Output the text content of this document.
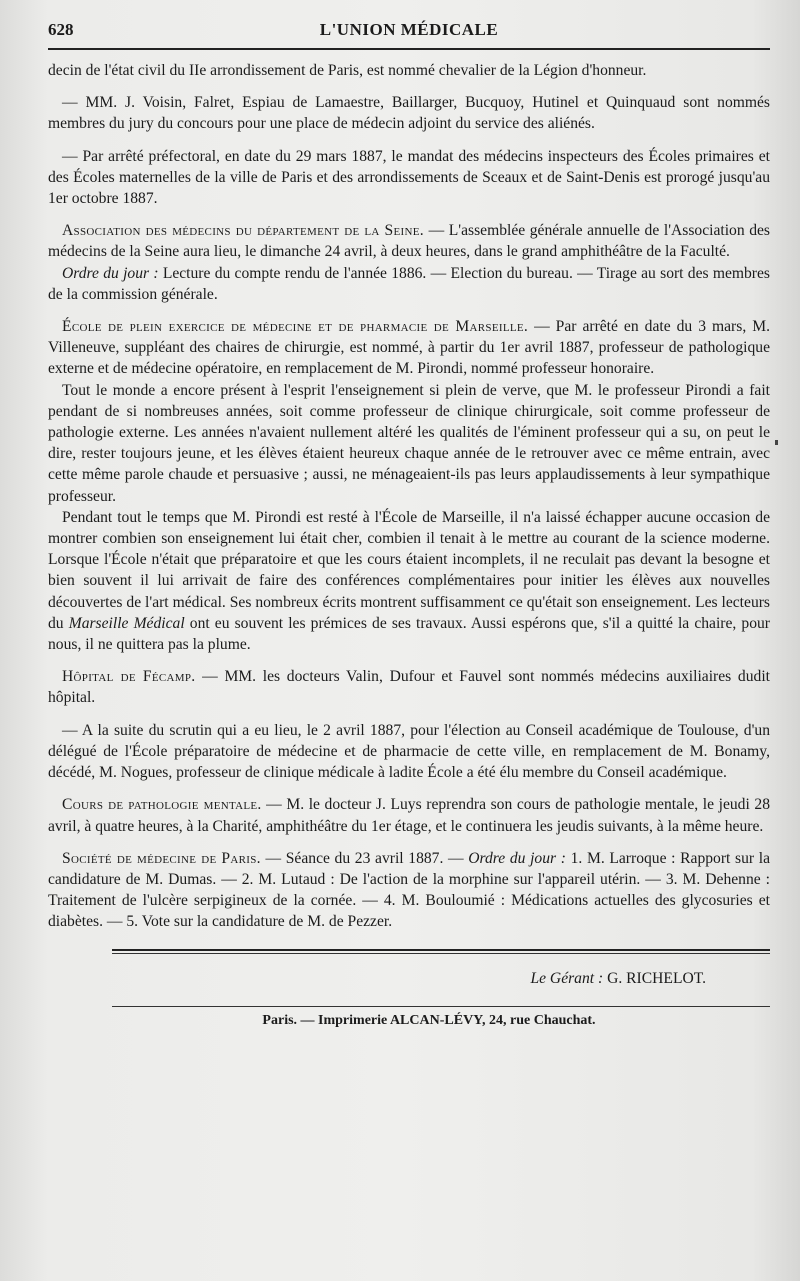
628	L'UNION MÉDICALE

decin de l'état civil du IIe arrondissement de Paris, est nommé chevalier de la Légion d'honneur.

— MM. J. Voisin, Falret, Espiau de Lamaestre, Baillarger, Bucquoy, Hutinel et Quinquaud sont nommés membres du jury du concours pour une place de médecin adjoint du service des aliénés.

— Par arrêté préfectoral, en date du 29 mars 1887, le mandat des médecins inspecteurs des Écoles primaires et des Écoles maternelles de la ville de Paris et des arrondissements de Sceaux et de Saint-Denis est prorogé jusqu'au 1er octobre 1887.

Association des médecins du département de la Seine. — L'assemblée générale annuelle de l'Association des médecins de la Seine aura lieu, le dimanche 24 avril, à deux heures, dans le grand amphithéâtre de la Faculté.

Ordre du jour : Lecture du compte rendu de l'année 1886. — Election du bureau. — Tirage au sort des membres de la commission générale.

École de plein exercice de médecine et de pharmacie de Marseille. — Par arrêté en date du 3 mars, M. Villeneuve, suppléant des chaires de chirurgie, est nommé, à partir du 1er avril 1887, professeur de pathologique externe et de médecine opératoire, en remplacement de M. Pirondi, nommé professeur honoraire.

Tout le monde a encore présent à l'esprit l'enseignement si plein de verve, que M. le professeur Pirondi a fait pendant de si nombreuses années, soit comme professeur de clinique chirurgicale, soit comme professeur de pathologie externe. Les années n'avaient nullement altéré les qualités de l'éminent professeur qui a su, on peut le dire, rester toujours jeune, et les élèves étaient heureux chaque année de le retrouver avec ce même entrain, avec cette même parole chaude et persuasive ; aussi, ne ménageaient-ils pas leurs applaudissements à leur sympathique professeur.

Pendant tout le temps que M. Pirondi est resté à l'École de Marseille, il n'a laissé échapper aucune occasion de montrer combien son enseignement lui était cher, combien il tenait à le mettre au courant de la science moderne. Lorsque l'École n'était que préparatoire et que les cours étaient incomplets, il ne reculait pas devant la besogne et bien souvent il lui arrivait de faire des conférences complémentaires pour initier les élèves aux nouvelles découvertes de l'art médical. Ses nombreux écrits montrent suffisamment ce qu'était son enseignement. Les lecteurs du Marseille Médical ont eu souvent les prémices de ses travaux. Aussi espérons que, s'il a quitté la chaire, pour nous, il ne quittera pas la plume.

Hôpital de Fécamp. — MM. les docteurs Valin, Dufour et Fauvel sont nommés médecins auxiliaires dudit hôpital.

— A la suite du scrutin qui a eu lieu, le 2 avril 1887, pour l'élection au Conseil académique de Toulouse, d'un délégué de l'École préparatoire de médecine et de pharmacie de cette ville, en remplacement de M. Bonamy, décédé, M. Nogues, professeur de clinique médicale à ladite École a été élu membre du Conseil académique.

Cours de pathologie mentale. — M. le docteur J. Luys reprendra son cours de pathologie mentale, le jeudi 28 avril, à quatre heures, à la Charité, amphithéâtre du 1er étage, et le continuera les jeudis suivants, à la même heure.

Société de médecine de Paris. — Séance du 23 avril 1887. — Ordre du jour : 1. M. Larroque : Rapport sur la candidature de M. Dumas. — 2. M. Lutaud : De l'action de la morphine sur l'appareil utérin. — 3. M. Dehenne : Traitement de l'ulcère serpigineux de la cornée. — 4. M. Bouloumié : Médications actuelles des glycosuries et diabètes. — 5. Vote sur la candidature de M. de Pezzer.

Le Gérant : G. RICHELOT.
Paris. — Imprimerie ALCAN-LÉVY, 24, rue Chauchat.
